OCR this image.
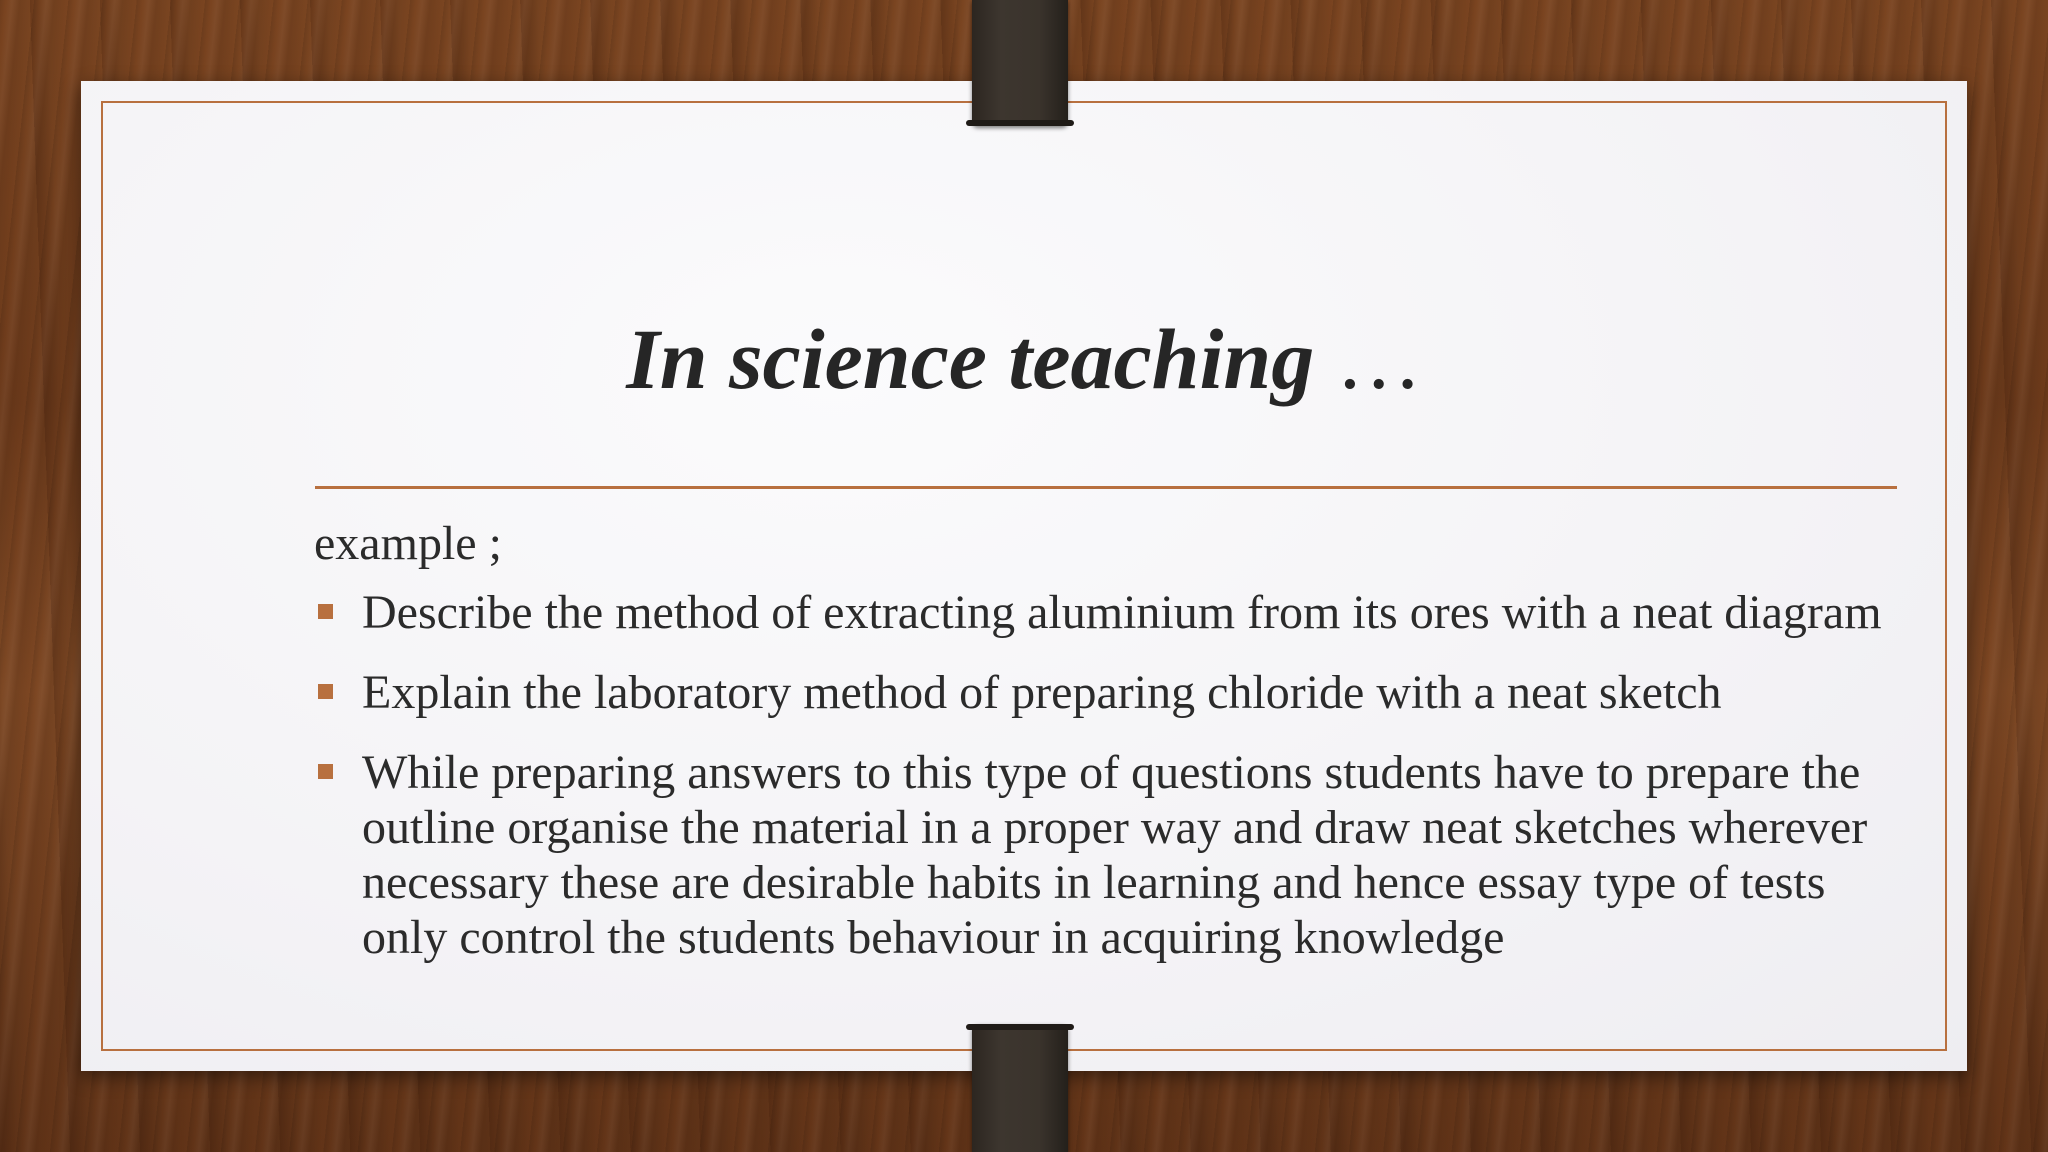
In science teaching …

example ;

Describe the method of extracting aluminium from its ores with a neat diagram
Explain the laboratory method of preparing chloride with a neat sketch
While preparing answers to this type of questions students have to prepare the outline organise the material in a proper way and draw neat sketches wherever necessary these are desirable habits in learning and hence essay type of tests only control the students behaviour in acquiring knowledge
